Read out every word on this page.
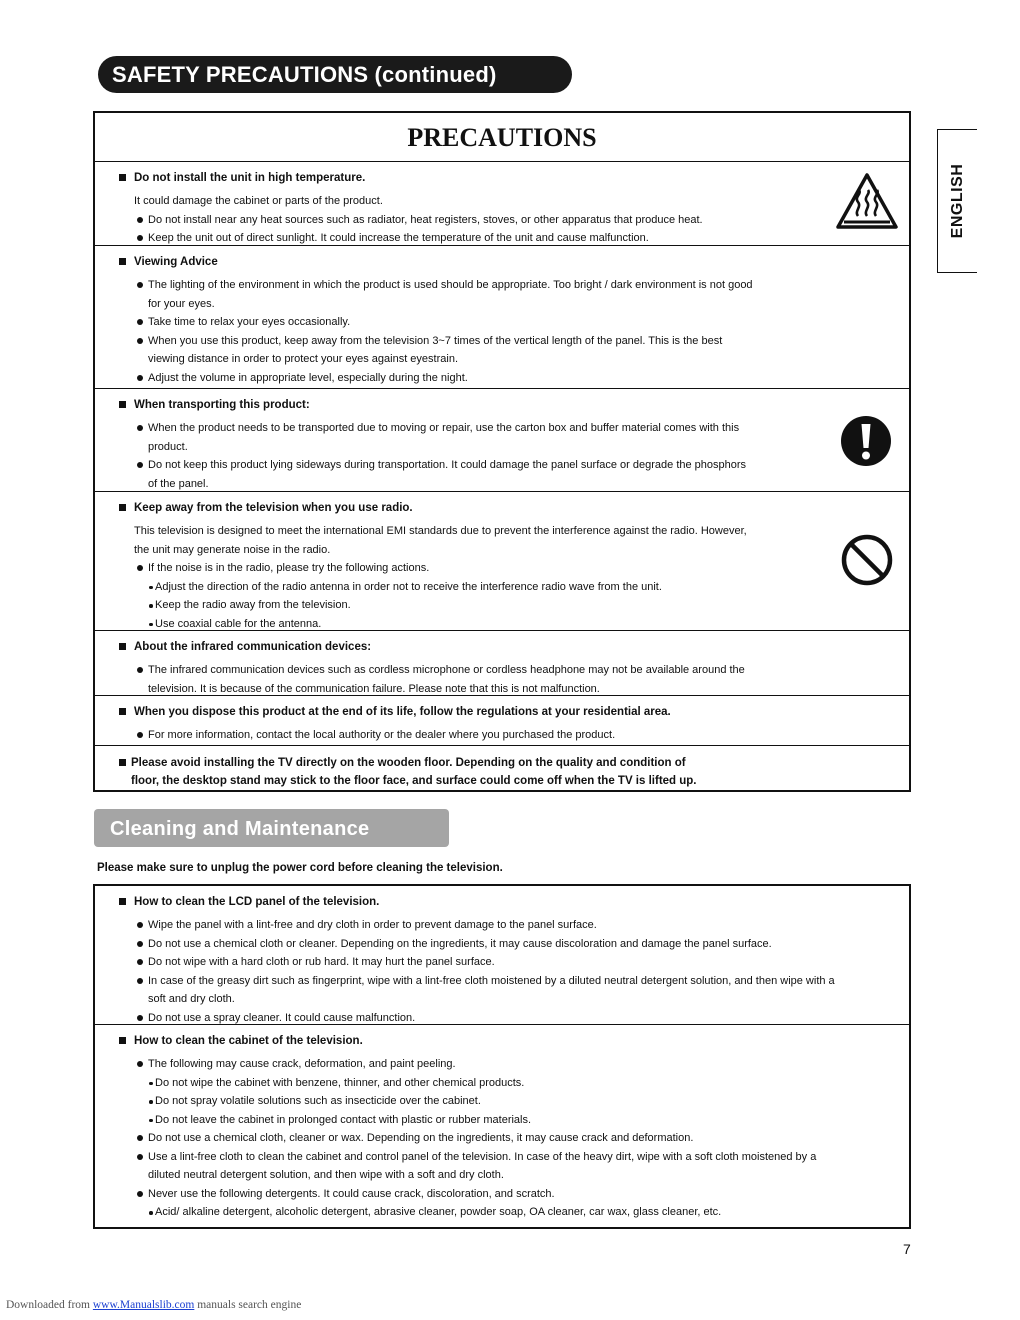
SAFETY PRECAUTIONS (continued)
ENGLISH
PRECAUTIONS
Do not install the unit in high temperature.
It could damage the cabinet or parts of the product.
Do not install near any heat sources such as radiator, heat registers, stoves, or other apparatus that produce heat.
Keep the unit out of direct sunlight. It could increase the temperature of the unit and cause malfunction.
Viewing Advice
The lighting of the environment in which the product is used should be appropriate. Too bright / dark environment is not good
for your eyes.
Take time to relax your eyes occasionally.
When you use this product, keep away from the television 3~7 times of the vertical length of the panel. This is the best
viewing distance in order to protect your eyes against eyestrain.
Adjust the volume in appropriate level, especially during the night.
When transporting this product:
When the product needs to be transported due to moving or repair, use the carton box and buffer material comes with this
product.
Do not keep this product lying sideways during transportation. It could damage the panel surface or degrade the phosphors
of the panel.
Keep away from the television when you use radio.
This television is designed to meet the international EMI standards due to prevent the interference against the radio. However,
the unit may generate noise in the radio.
If the noise is in the radio, please try the following actions.
Adjust the direction of the radio antenna in order not to receive the interference radio wave from the unit.
Keep the radio away from the television.
Use coaxial cable for the antenna.
About the infrared communication devices:
The infrared communication devices such as cordless microphone or cordless headphone may not be available around the
television. It is because of the communication failure. Please note that this is not malfunction.
When you dispose this product at the end of its life, follow the regulations at your residential area.
For more information, contact the local authority or the dealer where you purchased the product.
Please avoid installing the TV directly on the wooden floor. Depending on the quality and condition of
floor, the desktop stand may stick to the floor face, and surface could come off when the TV is lifted up.
Cleaning and Maintenance
Please make sure to unplug the power cord before cleaning the television.
How to clean the LCD panel of the television.
Wipe the panel with a lint-free and dry cloth in order to prevent damage to the panel surface.
Do not use a chemical cloth or cleaner. Depending on the ingredients, it may cause discoloration and damage the panel surface.
Do not wipe with a hard cloth or rub hard. It may hurt the panel surface.
In case of the greasy dirt such as fingerprint, wipe with a lint-free cloth moistened by a diluted neutral detergent solution, and then wipe with a
soft and dry cloth.
Do not use a spray cleaner. It could cause malfunction.
How to clean the cabinet of the television.
The following may cause crack, deformation, and paint peeling.
Do not wipe the cabinet with benzene, thinner, and other chemical products.
Do not spray volatile solutions such as insecticide over the cabinet.
Do not leave the cabinet in prolonged contact with plastic or rubber materials.
Do not use a chemical cloth, cleaner or wax. Depending on the ingredients, it may cause crack and deformation.
Use a lint-free cloth to clean the cabinet and control panel of the television. In case of the heavy dirt, wipe with a soft cloth moistened by a
diluted neutral detergent solution, and then wipe with a soft and dry cloth.
Never use the following detergents. It could cause crack, discoloration, and scratch.
Acid/ alkaline detergent, alcoholic detergent, abrasive cleaner, powder soap, OA cleaner, car wax, glass cleaner, etc.
7
Downloaded from www.Manualslib.com manuals search engine
